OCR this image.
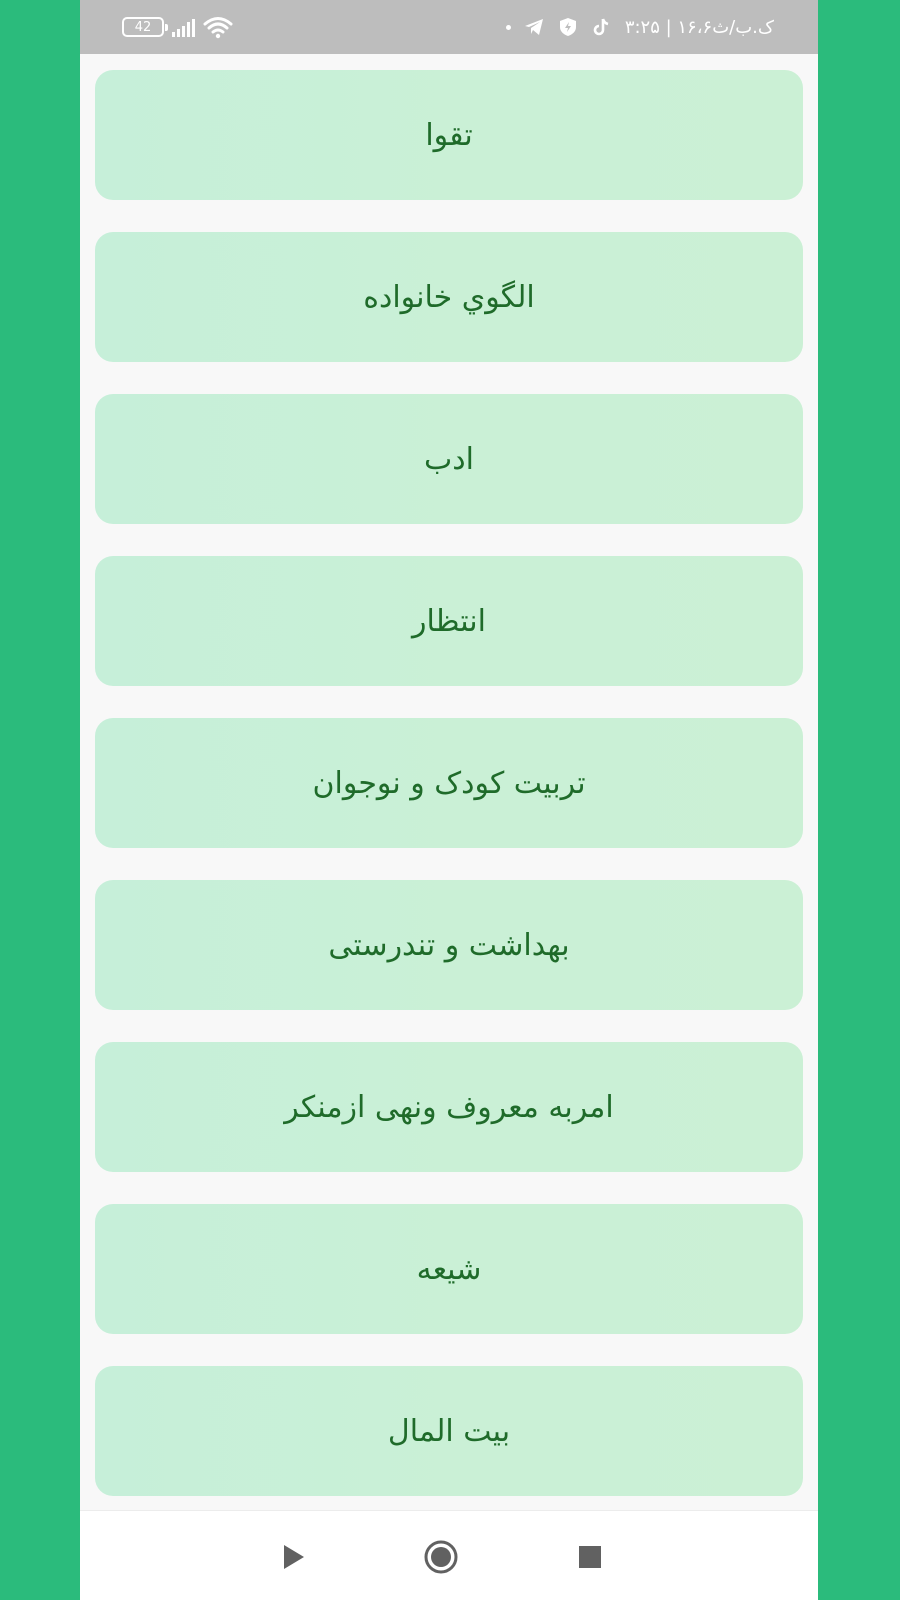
42	۳:۲۵ | ۱۶،۶ک.ب/ث
تقوا
الگوي خانواده
ادب
انتظار
تربیت کودک و نوجوان
بهداشت و تندرستی
امربه معروف ونهی ازمنکر
شیعه
بیت المال
